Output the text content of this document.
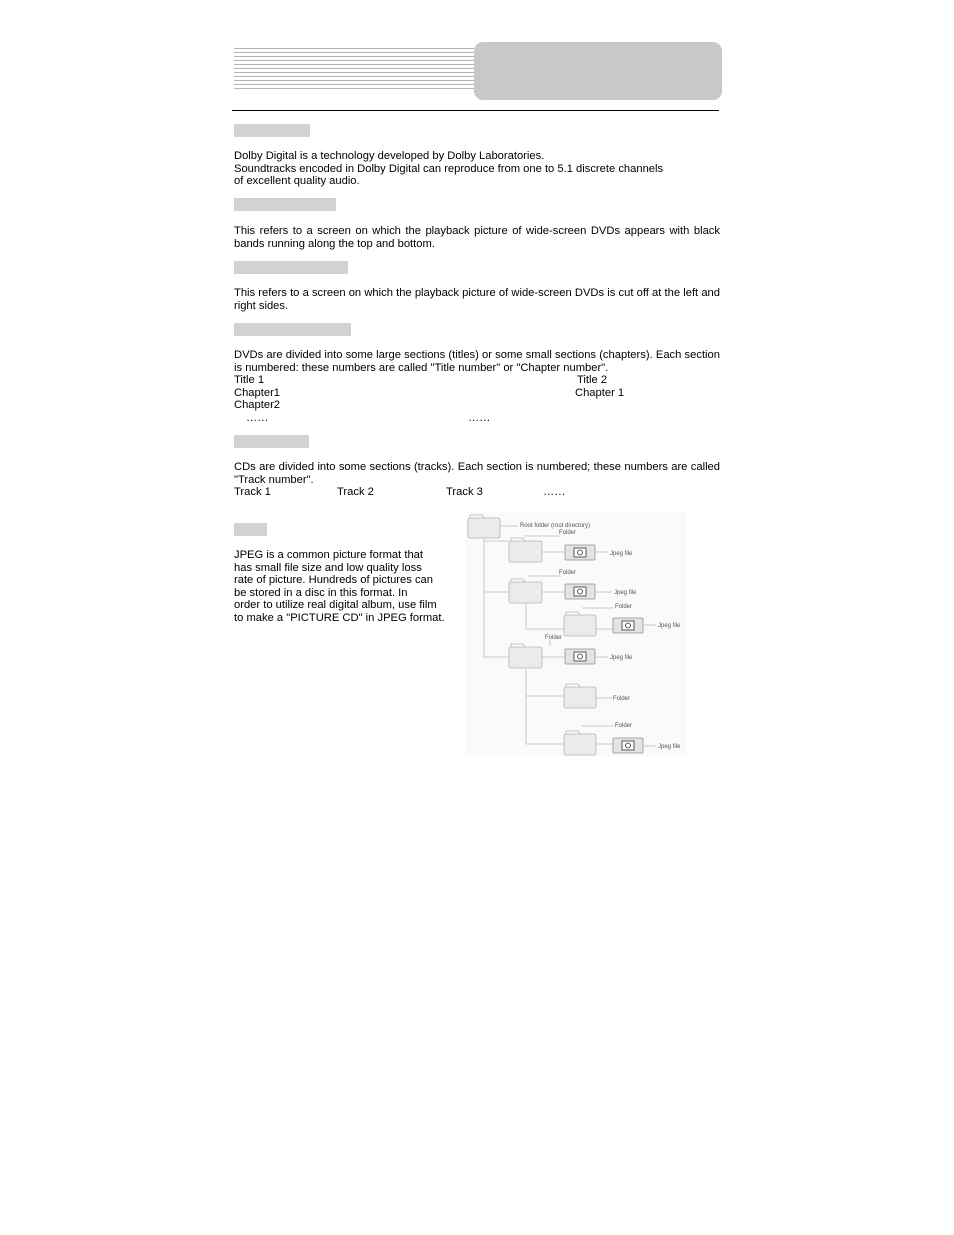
Dolby Digital is a technology developed by Dolby Laboratories.
Soundtracks encoded in Dolby Digital can reproduce from one to 5.1 discrete channels
of excellent quality audio.
This refers to a screen on which the playback picture of wide-screen DVDs appears with black bands running along the top and bottom.
This refers to a screen on which the playback picture of wide-screen DVDs is cut off at the left and right sides.
DVDs are divided into some large sections (titles) or some small sections (chapters). Each section is numbered: these numbers are called "Title number" or "Chapter number".
Title 1	Title 2
Chapter1	Chapter 1
Chapter2
……	……
CDs are divided into some sections (tracks). Each section is numbered; these numbers are called "Track number".
Track 1	Track 2	Track 3	……
JPEG is a common picture format that
has small file size and low quality loss
rate of picture. Hundreds of pictures can
be stored in a disc in this format. In
order to utilize real digital album, use film
to make a "PICTURE CD" in JPEG format.
Root folder (root directory)
Folder
Jpeg file
Folder
Jpeg file
Folder
Jpeg file
Folder
Jpeg file
Folder
Folder
Jpeg file
